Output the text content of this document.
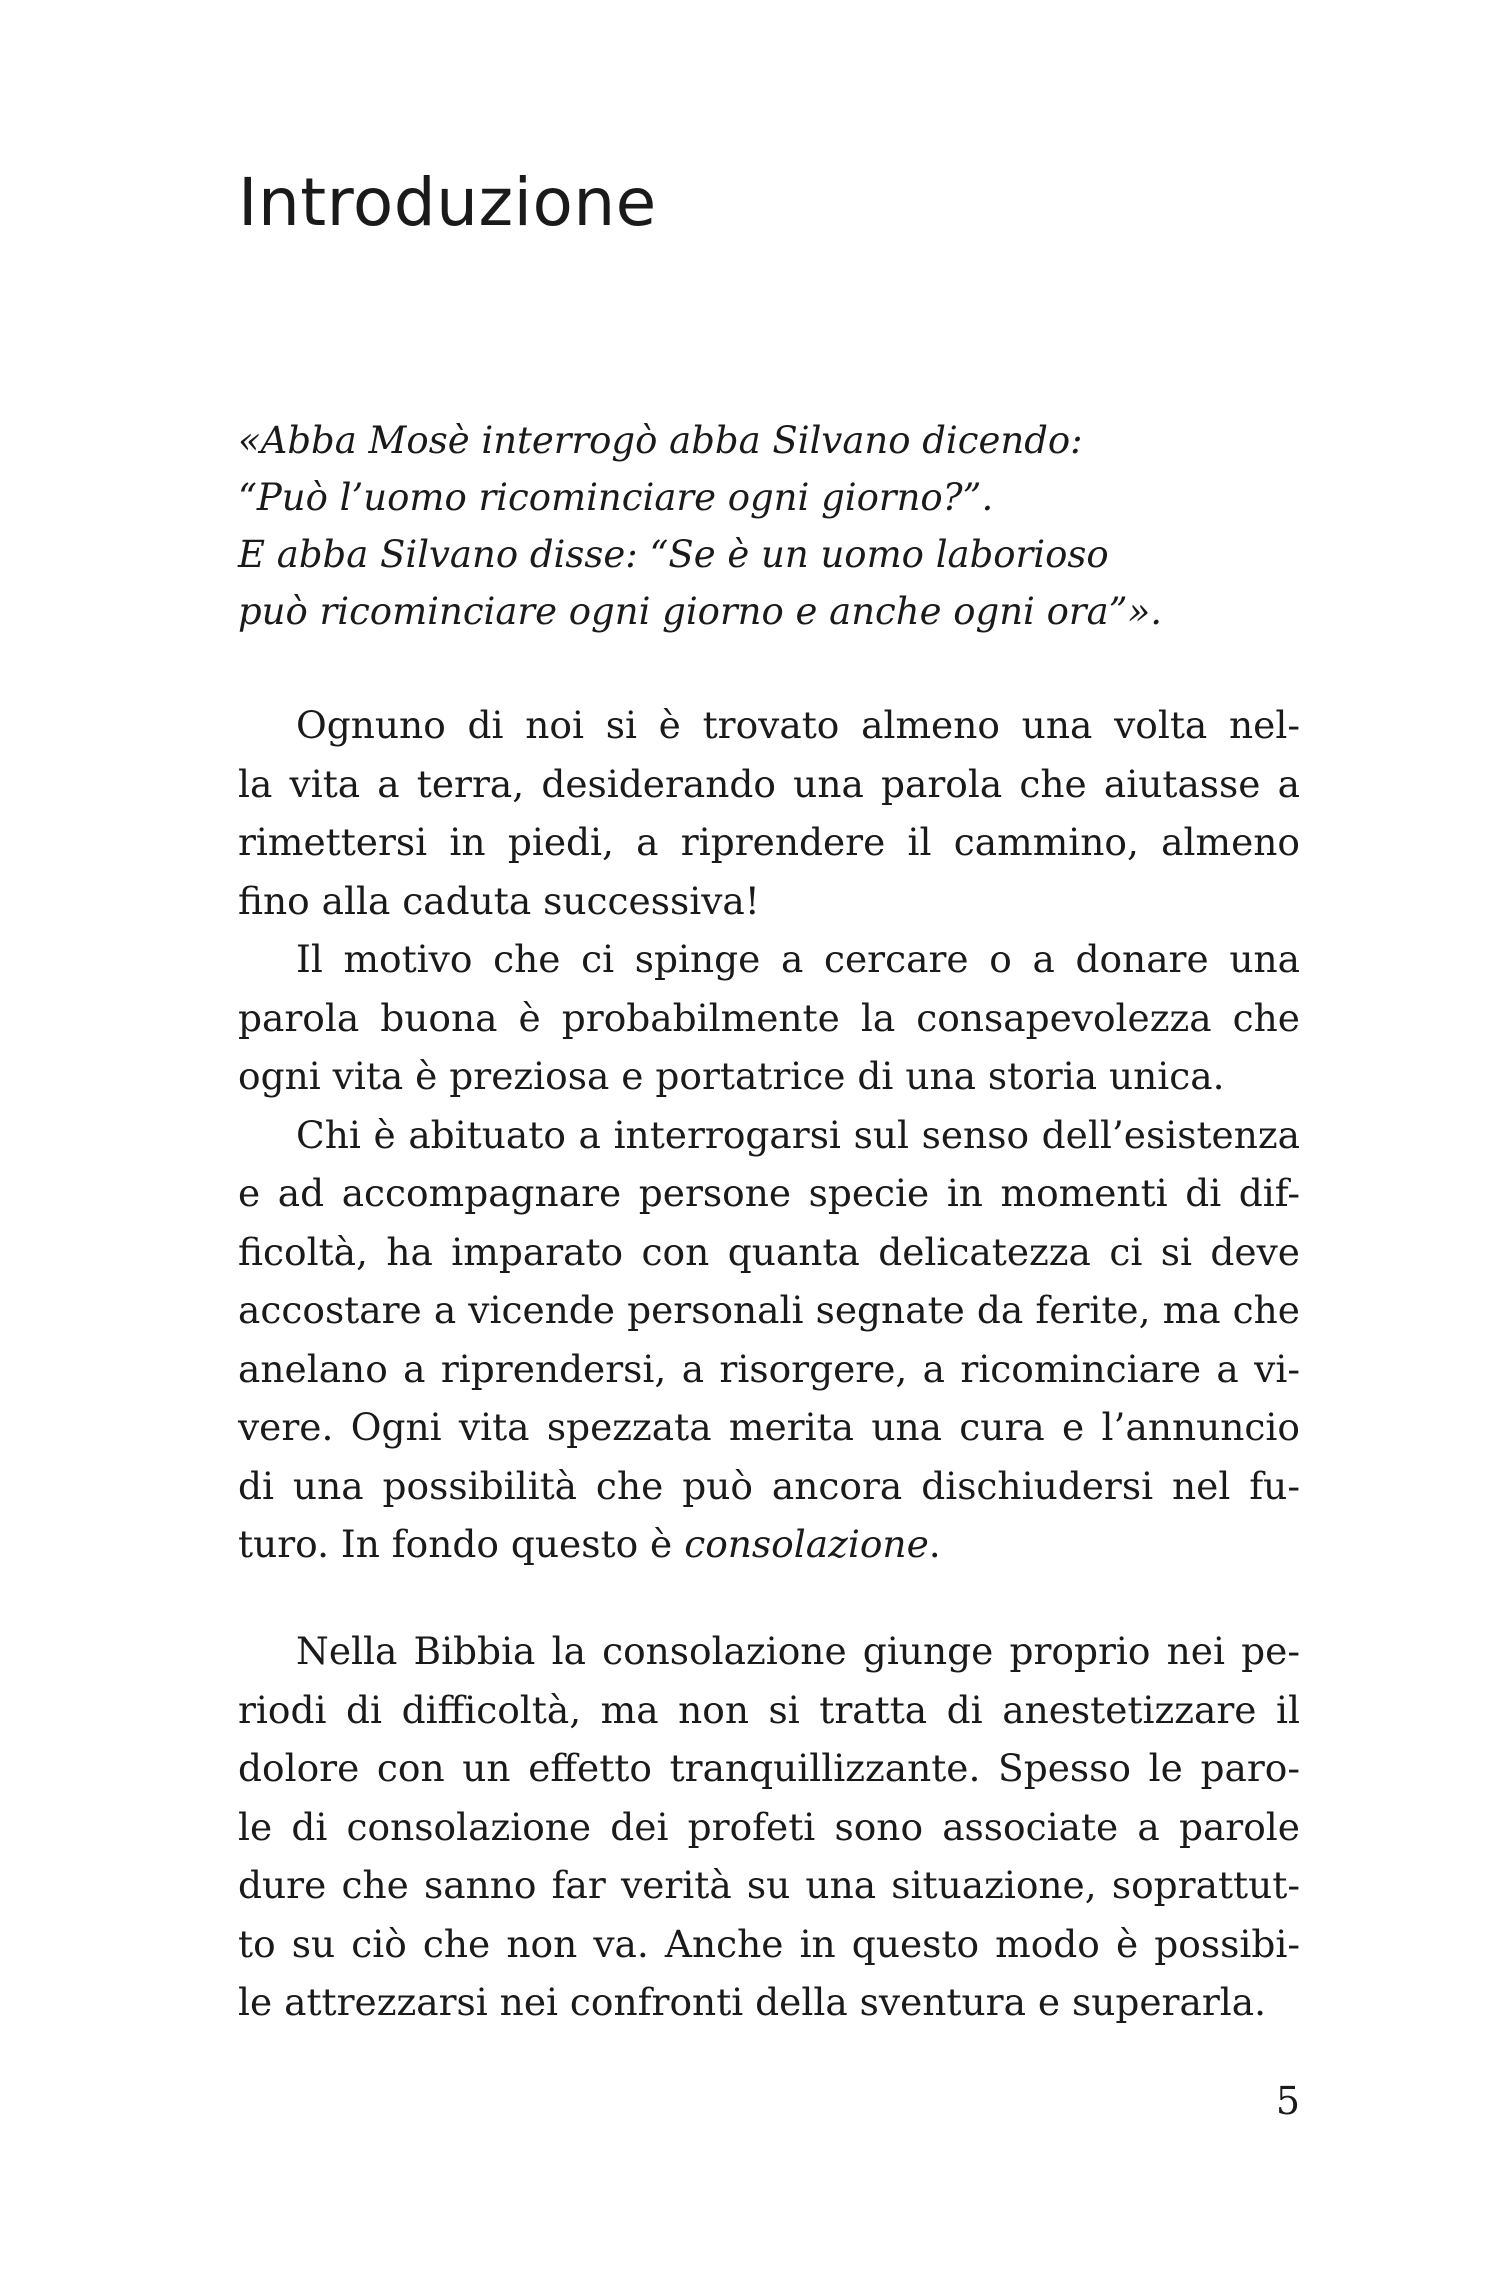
Introduzione
«Abba Mosè interrogò abba Silvano dicendo:
“Può l’uomo ricominciare ogni giorno?”.
E abba Silvano disse: “Se è un uomo laborioso
può ricominciare ogni giorno e anche ogni ora”».
Ognuno di noi si è trovato almeno una volta nel-
la vita a terra, desiderando una parola che aiutasse a
rimettersi in piedi, a riprendere il cammino, almeno
fino alla caduta successiva!
Il motivo che ci spinge a cercare o a donare una
parola buona è probabilmente la consapevolezza che
ogni vita è preziosa e portatrice di una storia unica.
Chi è abituato a interrogarsi sul senso dell’esistenza
e ad accompagnare persone specie in momenti di dif-
ficoltà, ha imparato con quanta delicatezza ci si deve
accostare a vicende personali segnate da ferite, ma che
anelano a riprendersi, a risorgere, a ricominciare a vi-
vere. Ogni vita spezzata merita una cura e l’annuncio
di una possibilità che può ancora dischiudersi nel fu-
turo. In fondo questo è consolazione.
Nella Bibbia la consolazione giunge proprio nei pe-
riodi di difficoltà, ma non si tratta di anestetizzare il
dolore con un effetto tranquillizzante. Spesso le paro-
le di consolazione dei profeti sono associate a parole
dure che sanno far verità su una situazione, soprattut-
to su ciò che non va. Anche in questo modo è possibi-
le attrezzarsi nei confronti della sventura e superarla.
5
